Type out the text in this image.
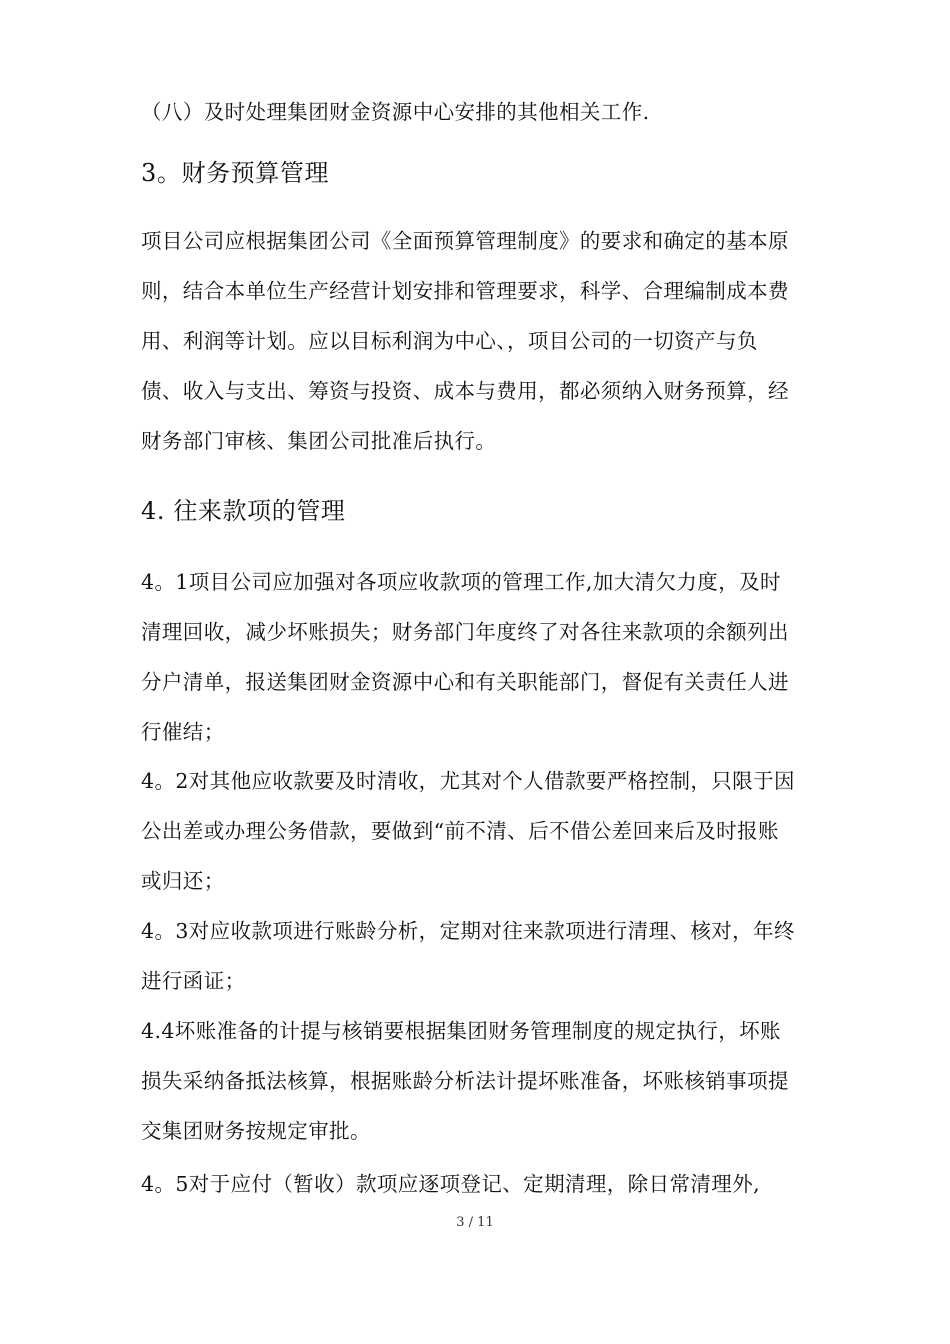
（八）及时处理集团财金资源中心安排的其他相关工作.
3。财务预算管理
项目公司应根据集团公司《全面预算管理制度》的要求和确定的基本原
则，结合本单位生产经营计划安排和管理要求，科学、合理编制成本费
用、利润等计划。应以目标利润为中心、，项目公司的一切资产与负
债、收入与支出、筹资与投资、成本与费用，都必须纳入财务预算，经
财务部门审核、集团公司批准后执行。
4. 往来款项的管理
4。1项目公司应加强对各项应收款项的管理工作,加大清欠力度，及时
清理回收，减少坏账损失；财务部门年度终了对各往来款项的余额列出
分户清单，报送集团财金资源中心和有关职能部门，督促有关责任人进
行催结；
4。2对其他应收款要及时清收，尤其对个人借款要严格控制，只限于因
公出差或办理公务借款，要做到“前不清、后不借公差回来后及时报账
或归还；
4。3对应收款项进行账龄分析，定期对往来款项进行清理、核对，年终
进行函证；
4.4坏账准备的计提与核销要根据集团财务管理制度的规定执行，坏账
损失采纳备抵法核算，根据账龄分析法计提坏账准备，坏账核销事项提
交集团财务按规定审批。
4。5对于应付（暂收）款项应逐项登记、定期清理，除日常清理外,
3 / 11
